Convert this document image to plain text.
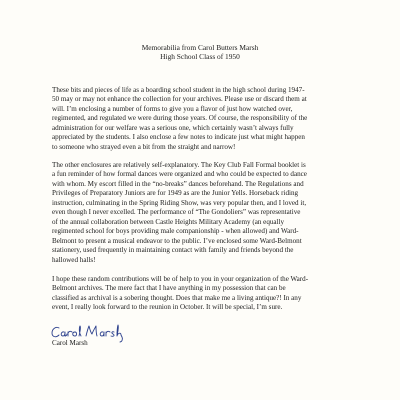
Memorabilia from Carol Butters Marsh
High School Class of 1950

These bits and pieces of life as a boarding school student in the high school during 1947-
50 may or may not enhance the collection for your archives. Please use or discard them at
will. I’m enclosing a number of forms to give you a flavor of just how watched over,
regimented, and regulated we were during those years. Of course, the responsibility of the
administration for our welfare was a serious one, which certainly wasn’t always fully
appreciated by the students. I also enclose a few notes to indicate just what might happen
to someone who strayed even a bit from the straight and narrow!

The other enclosures are relatively self-explanatory. The Key Club Fall Formal booklet is
a fun reminder of how formal dances were organized and who could be expected to dance
with whom. My escort filled in the “no-breaks” dances beforehand. The Regulations and
Privileges of Preparatory Juniors are for 1949 as are the Junior Yells. Horseback riding
instruction, culminating in the Spring Riding Show, was very popular then, and I loved it,
even though I never excelled. The performance of “The Gondoliers” was representative
of the annual collaboration between Castle Heights Military Academy (an equally
regimented school for boys providing male companionship - when allowed) and Ward-
Belmont to present a musical endeavor to the public. I’ve enclosed some Ward-Belmont
stationery, used frequently in maintaining contact with family and friends beyond the
hallowed halls!

I hope these random contributions will be of help to you in your organization of the Ward-
Belmont archives. The mere fact that I have anything in my possession that can be
classified as archival is a sobering thought. Does that make me a living antique?! In any
event, I really look forward to the reunion in October. It will be special, I’m sure.

Carol Marsh
